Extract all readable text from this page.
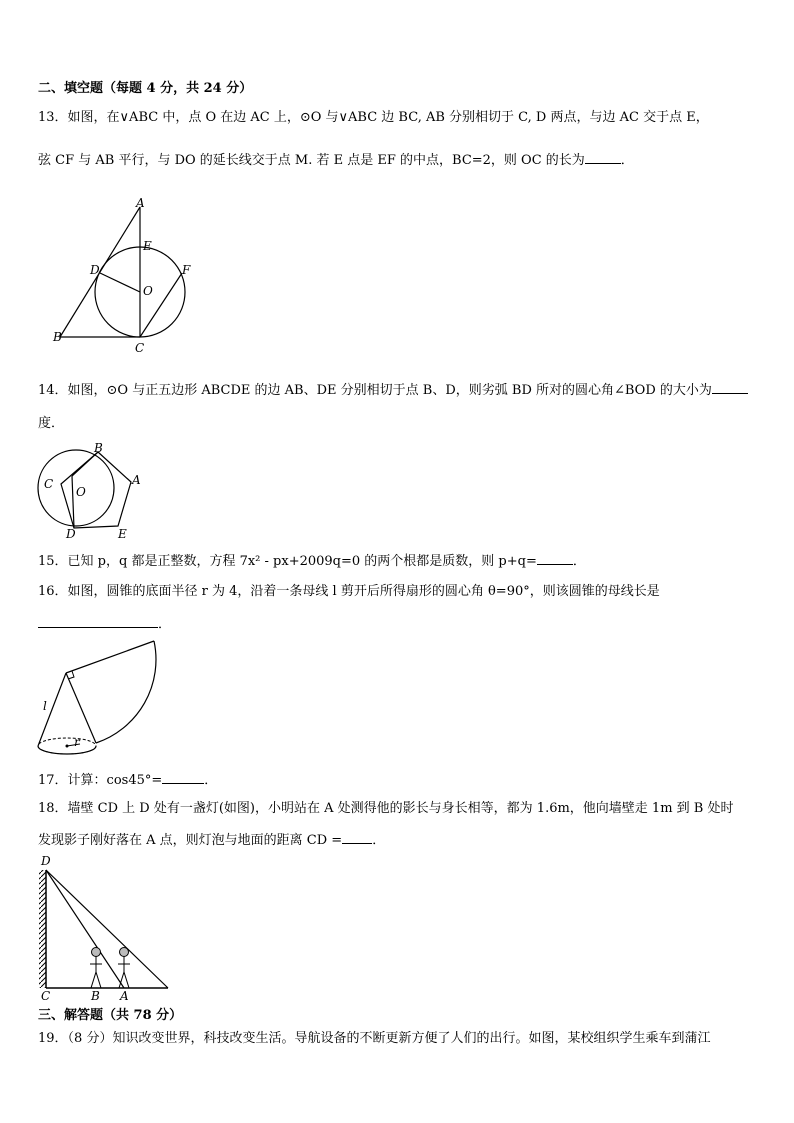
二、填空题（每题 4 分，共 24 分）
13．如图，在∨ABC 中，点 O 在边 AC 上，⊙O 与∨ABC 边 BC, AB 分别相切于 C, D 两点，与边 AC 交于点 E，
弦 CF 与 AB 平行，与 DO 的延长线交于点 M. 若 E 点是 EF 的中点，BC=2，则 OC 的长为	．
A
E
D	F
O
B
C
14．如图，⊙O 与正五边形 ABCDE 的边 AB、DE 分别相切于点 B、D，则劣弧 BD 所对的圆心角∠BOD 的大小为
度．
B
C
O
A
D	E
15．已知 p，q 都是正整数，方程 7x² - px+2009q=0 的两个根都是质数，则 p+q=	．
16．如图，圆锥的底面半径 r 为 4，沿着一条母线 l 剪开后所得扇形的圆心角 θ=90°，则该圆锥的母线长是
．
l
r
17．计算：cos45°=	．
18．墙壁 CD 上 D 处有一盏灯(如图)，小明站在 A 处测得他的影长与身长相等，都为 1.6m，他向墙壁走 1m 到 B 处时
发现影子刚好落在 A 点，则灯泡与地面的距离 CD = ．
D
C	B A
三、解答题（共 78 分）
19．（8 分）知识改变世界，科技改变生活。导航设备的不断更新方便了人们的出行。如图，某校组织学生乘车到蒲江
